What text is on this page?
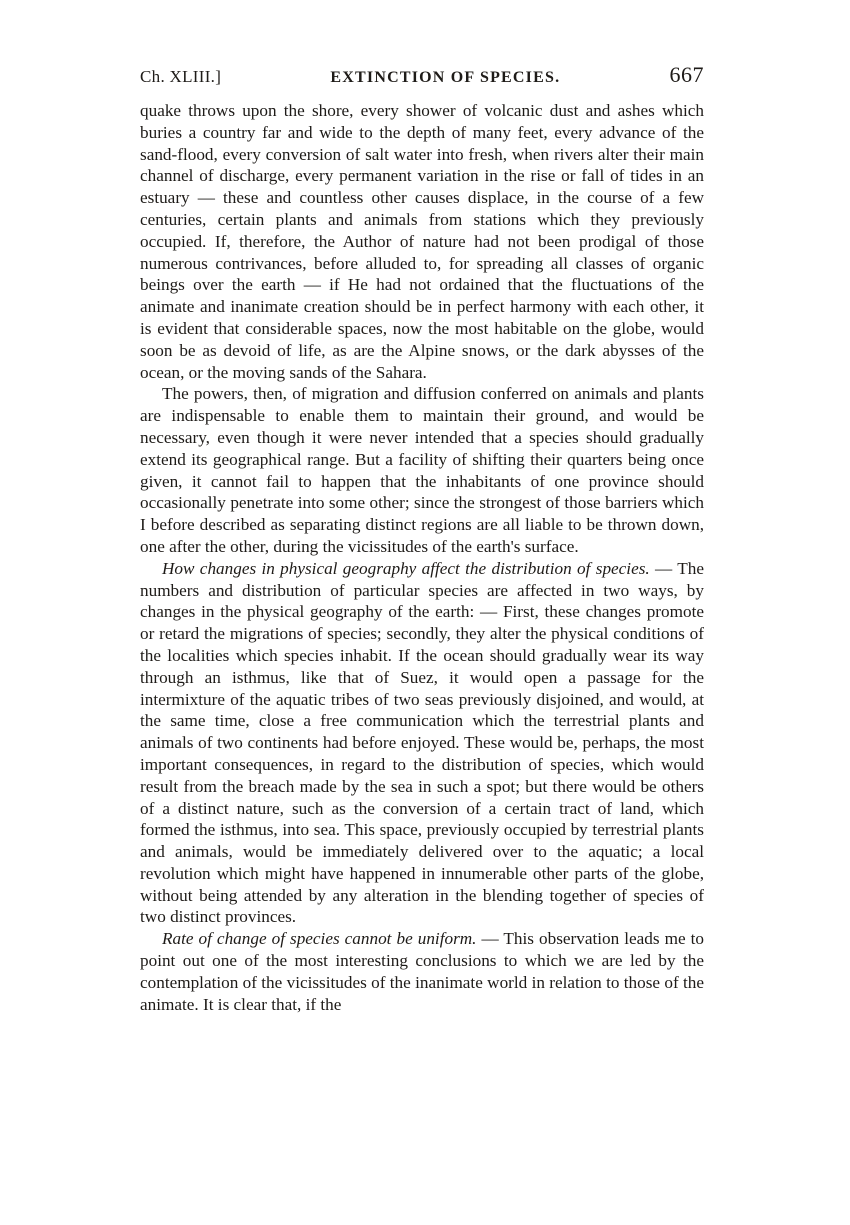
Ch. XLIII.]	EXTINCTION OF SPECIES.	667

quake throws upon the shore, every shower of volcanic dust and ashes which buries a country far and wide to the depth of many feet, every advance of the sand-flood, every conversion of salt water into fresh, when rivers alter their main channel of discharge, every permanent variation in the rise or fall of tides in an estuary — these and countless other causes displace, in the course of a few centuries, certain plants and animals from stations which they previously occupied. If, therefore, the Author of nature had not been prodigal of those numerous contrivances, before alluded to, for spreading all classes of organic beings over the earth — if He had not ordained that the fluctuations of the animate and inanimate creation should be in perfect harmony with each other, it is evident that considerable spaces, now the most habitable on the globe, would soon be as devoid of life, as are the Alpine snows, or the dark abysses of the ocean, or the moving sands of the Sahara.

The powers, then, of migration and diffusion conferred on animals and plants are indispensable to enable them to maintain their ground, and would be necessary, even though it were never intended that a species should gradually extend its geographical range. But a facility of shifting their quarters being once given, it cannot fail to happen that the inhabitants of one province should occasionally penetrate into some other; since the strongest of those barriers which I before described as separating distinct regions are all liable to be thrown down, one after the other, during the vicissitudes of the earth's surface.

How changes in physical geography affect the distribution of species. — The numbers and distribution of particular species are affected in two ways, by changes in the physical geography of the earth: — First, these changes promote or retard the migrations of species; secondly, they alter the physical conditions of the localities which species inhabit. If the ocean should gradually wear its way through an isthmus, like that of Suez, it would open a passage for the intermixture of the aquatic tribes of two seas previously disjoined, and would, at the same time, close a free communication which the terrestrial plants and animals of two continents had before enjoyed. These would be, perhaps, the most important consequences, in regard to the distribution of species, which would result from the breach made by the sea in such a spot; but there would be others of a distinct nature, such as the conversion of a certain tract of land, which formed the isthmus, into sea. This space, previously occupied by terrestrial plants and animals, would be immediately delivered over to the aquatic; a local revolution which might have happened in innumerable other parts of the globe, without being attended by any alteration in the blending together of species of two distinct provinces.

Rate of change of species cannot be uniform. — This observation leads me to point out one of the most interesting conclusions to which we are led by the contemplation of the vicissitudes of the inanimate world in relation to those of the animate. It is clear that, if the
